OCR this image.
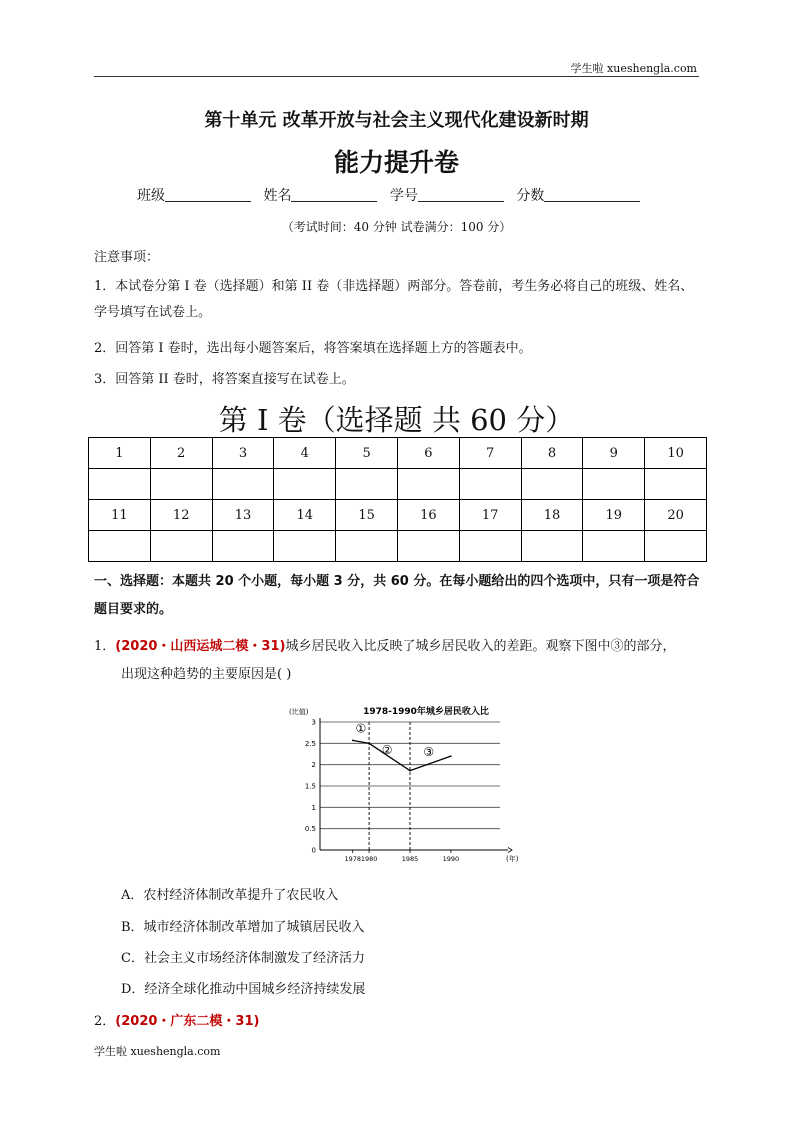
学生啦 xueshengla.com
第十单元 改革开放与社会主义现代化建设新时期
能力提升卷
班级	姓名	学号	分数
（考试时间：40 分钟 试卷满分：100 分）
注意事项：
1．本试卷分第 I 卷（选择题）和第 II 卷（非选择题）两部分。答卷前，考生务必将自己的班级、姓名、学号填写在试卷上。
2．回答第 I 卷时，选出每小题答案后，将答案填在选择题上方的答题表中。
3．回答第 II 卷时，将答案直接写在试卷上。
第 I 卷（选择题 共 60 分）
1	2	3	4	5	6	7	8	9	10

11	12	13	14	15	16	17	18	19	20

一、选择题：本题共 20 个小题，每小题 3 分，共 60 分。在每小题给出的四个选项中，只有一项是符合题目要求的。
1．(2020・山西运城二模・31)城乡居民收入比反映了城乡居民收入的差距。观察下图中③的部分，
出现这种趋势的主要原因是( )
1978-1990年城乡居民收入比
(比值)
(年)
0
0.5
1
1.5
2
2.5
3
1978 1980	1985	1990
①
②	③
A．农村经济体制改革提升了农民收入
B．城市经济体制改革增加了城镇居民收入
C．社会主义市场经济体制激发了经济活力
D．经济全球化推动中国城乡经济持续发展
2．(2020・广东二模・31)
学生啦 xueshengla.com
